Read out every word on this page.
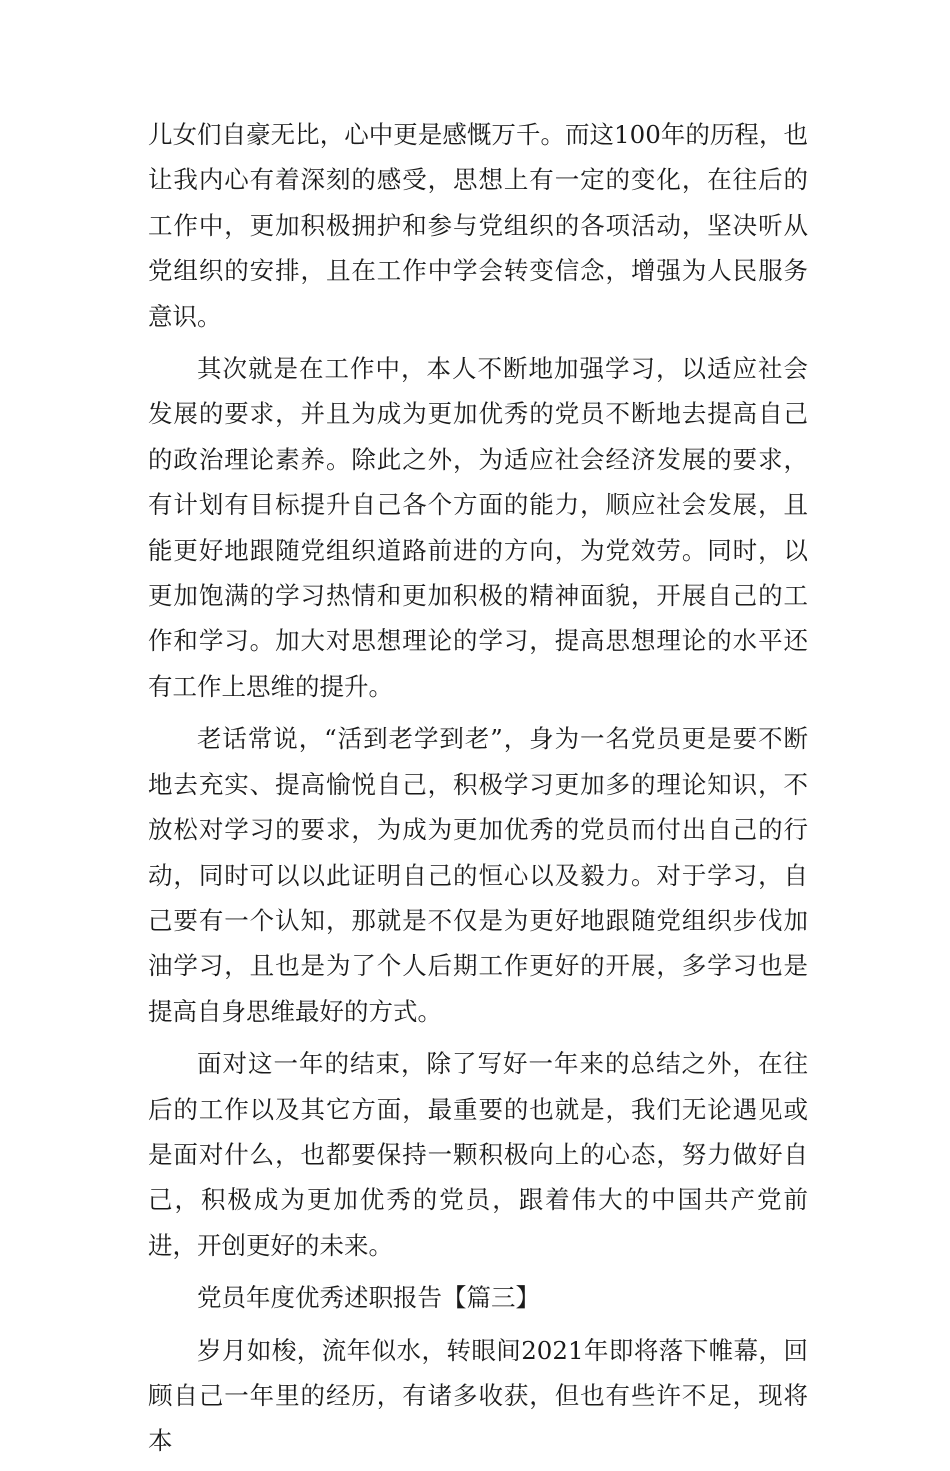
儿女们自豪无比，心中更是感慨万千。而这100年的历程，也让我内心有着深刻的感受，思想上有一定的变化，在往后的工作中，更加积极拥护和参与党组织的各项活动，坚决听从党组织的安排，且在工作中学会转变信念，增强为人民服务意识。

其次就是在工作中，本人不断地加强学习，以适应社会发展的要求，并且为成为更加优秀的党员不断地去提高自己的政治理论素养。除此之外，为适应社会经济发展的要求，有计划有目标提升自己各个方面的能力，顺应社会发展，且能更好地跟随党组织道路前进的方向，为党效劳。同时，以更加饱满的学习热情和更加积极的精神面貌，开展自己的工作和学习。加大对思想理论的学习，提高思想理论的水平还有工作上思维的提升。

老话常说，“活到老学到老”，身为一名党员更是要不断地去充实、提高愉悦自己，积极学习更加多的理论知识，不放松对学习的要求，为成为更加优秀的党员而付出自己的行动，同时可以以此证明自己的恒心以及毅力。对于学习，自己要有一个认知，那就是不仅是为更好地跟随党组织步伐加油学习，且也是为了个人后期工作更好的开展，多学习也是提高自身思维最好的方式。

面对这一年的结束，除了写好一年来的总结之外，在往后的工作以及其它方面，最重要的也就是，我们无论遇见或是面对什么，也都要保持一颗积极向上的心态，努力做好自己，积极成为更加优秀的党员，跟着伟大的中国共产党前进，开创更好的未来。

党员年度优秀述职报告【篇三】

岁月如梭，流年似水，转眼间2021年即将落下帷幕，回顾自己一年里的经历，有诸多收获，但也有些许不足，现将本
